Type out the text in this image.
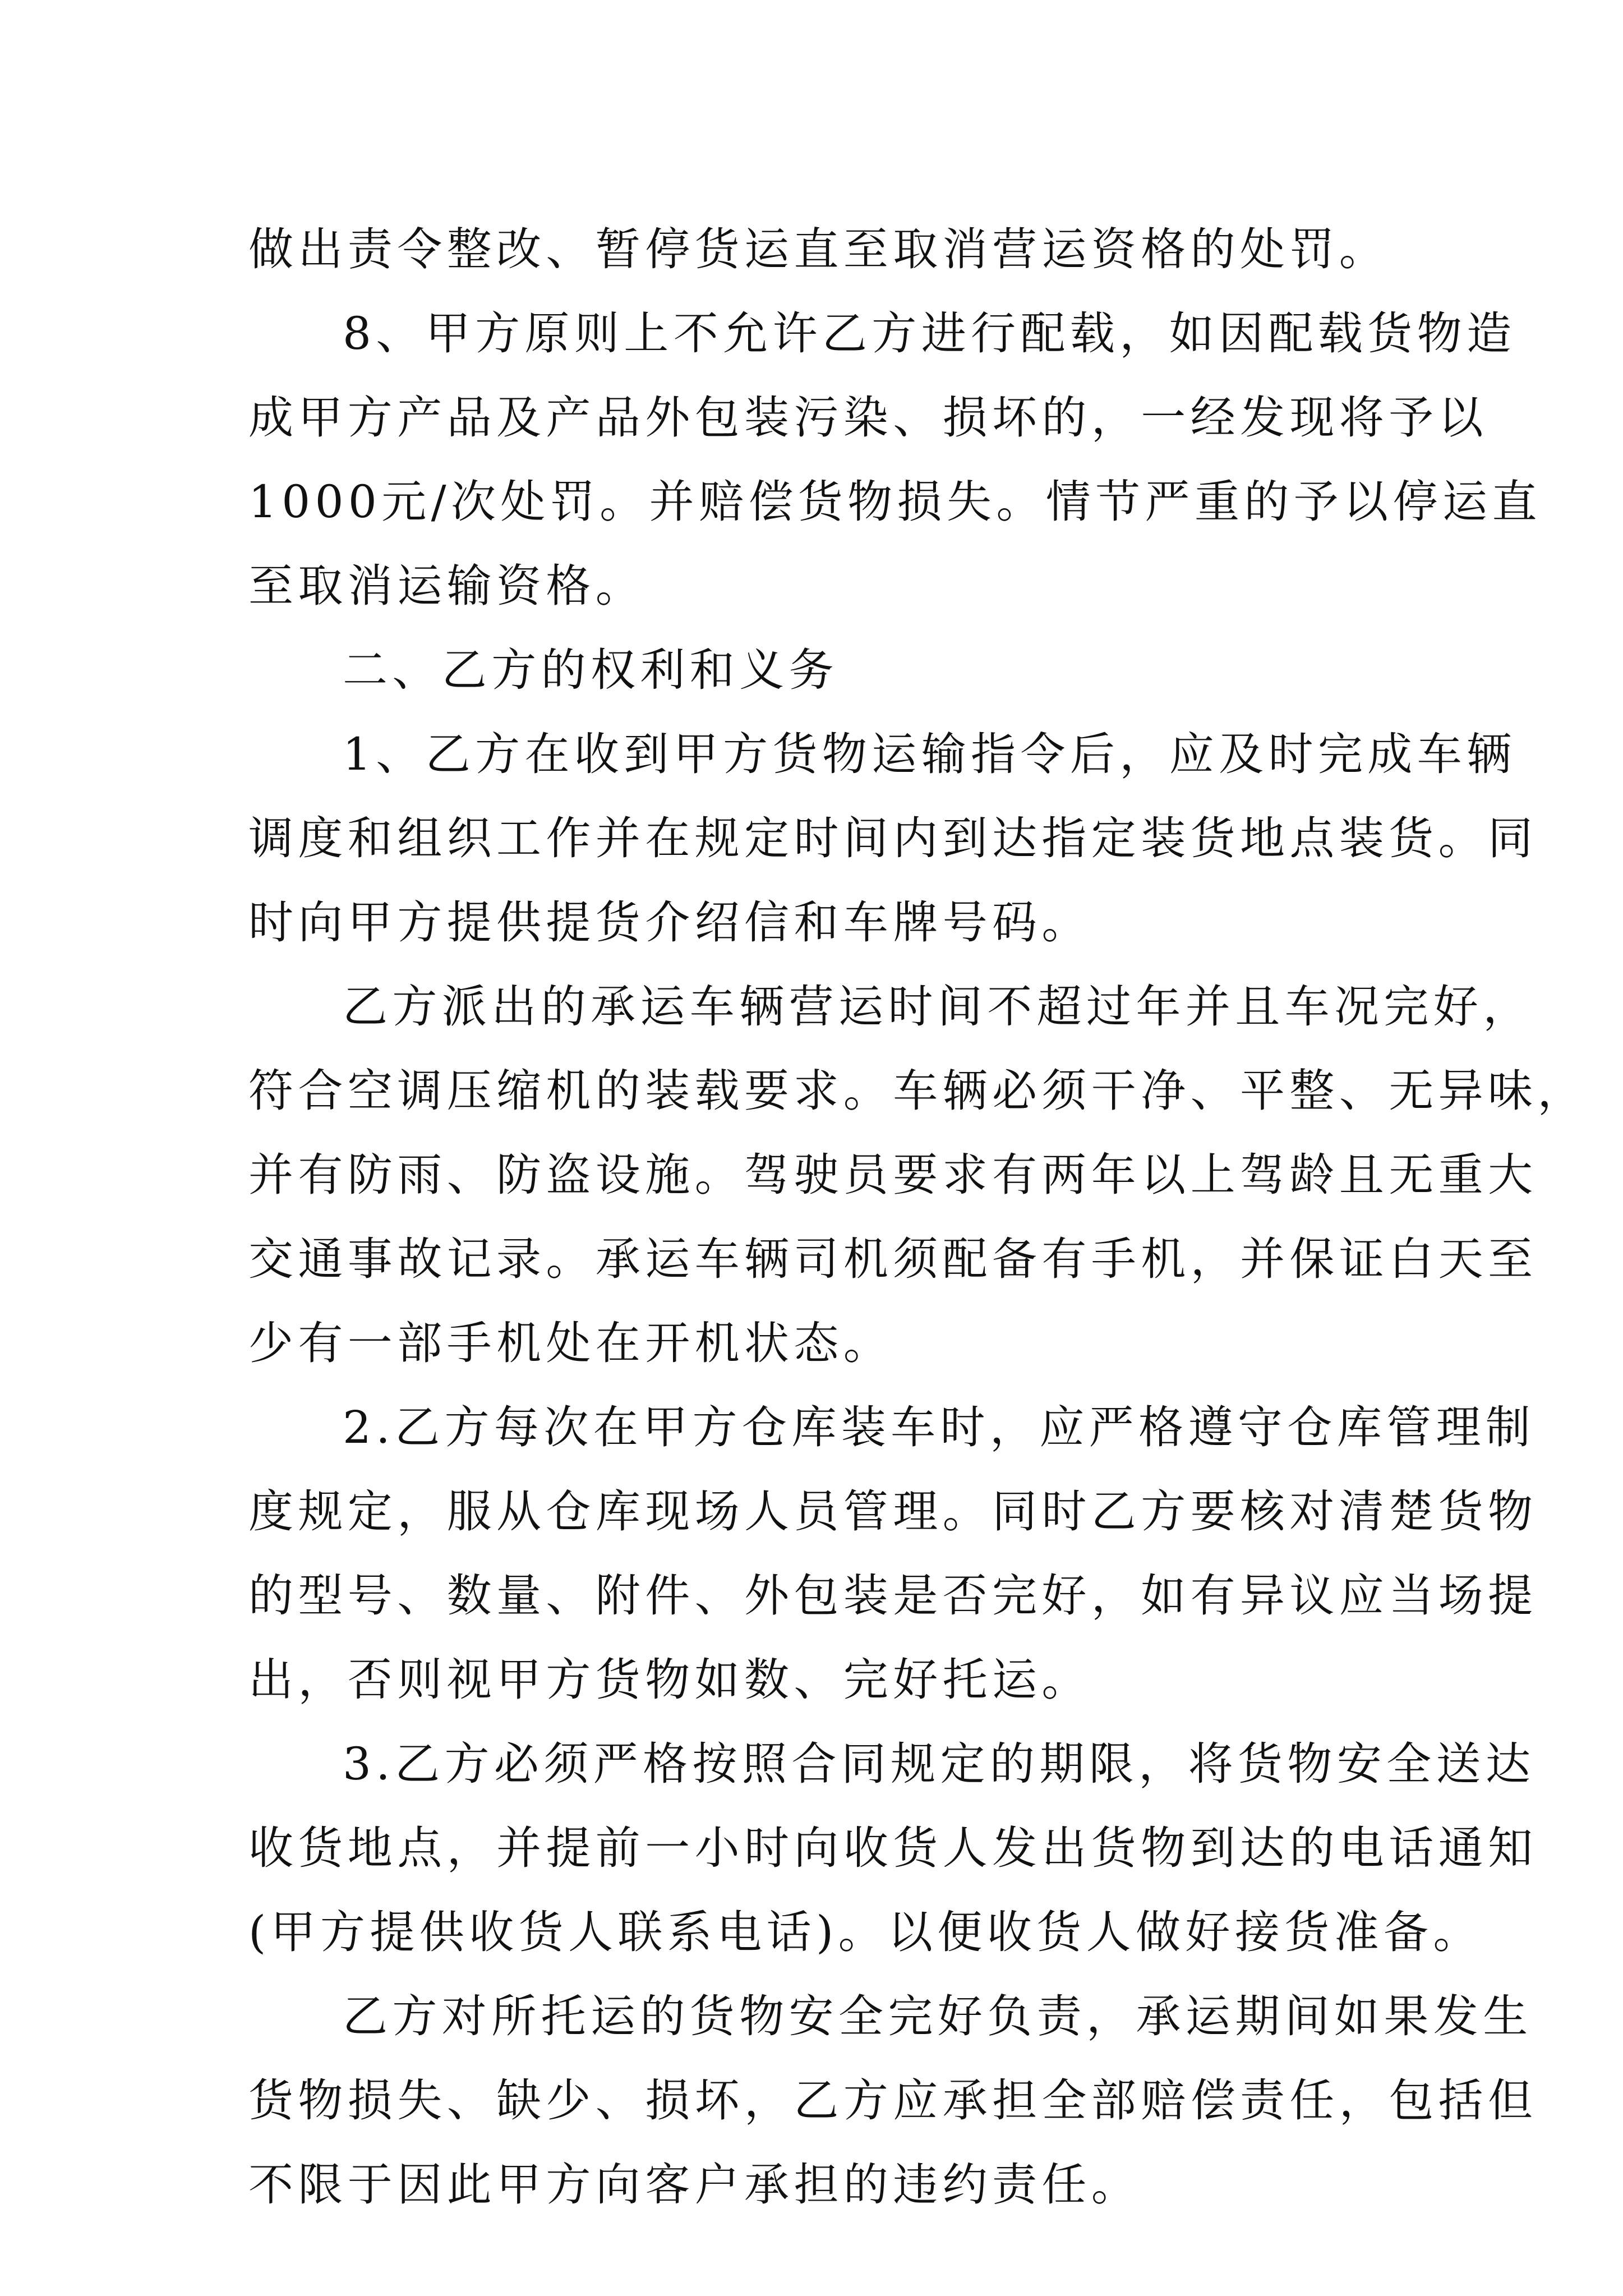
做出责令整改、暂停货运直至取消营运资格的处罚。
8、甲方原则上不允许乙方进行配载，如因配载货物造
成甲方产品及产品外包装污染、损坏的，一经发现将予以
1000元/次处罚。并赔偿货物损失。情节严重的予以停运直
至取消运输资格。
二、乙方的权利和义务
1、乙方在收到甲方货物运输指令后，应及时完成车辆
调度和组织工作并在规定时间内到达指定装货地点装货。同
时向甲方提供提货介绍信和车牌号码。
乙方派出的承运车辆营运时间不超过年并且车况完好，
符合空调压缩机的装载要求。车辆必须干净、平整、无异味，
并有防雨、防盗设施。驾驶员要求有两年以上驾龄且无重大
交通事故记录。承运车辆司机须配备有手机，并保证白天至
少有一部手机处在开机状态。
2.乙方每次在甲方仓库装车时，应严格遵守仓库管理制
度规定，服从仓库现场人员管理。同时乙方要核对清楚货物
的型号、数量、附件、外包装是否完好，如有异议应当场提
出，否则视甲方货物如数、完好托运。
3.乙方必须严格按照合同规定的期限，将货物安全送达
收货地点，并提前一小时向收货人发出货物到达的电话通知
(甲方提供收货人联系电话)。以便收货人做好接货准备。
乙方对所托运的货物安全完好负责，承运期间如果发生
货物损失、缺少、损坏，乙方应承担全部赔偿责任，包括但
不限于因此甲方向客户承担的违约责任。
